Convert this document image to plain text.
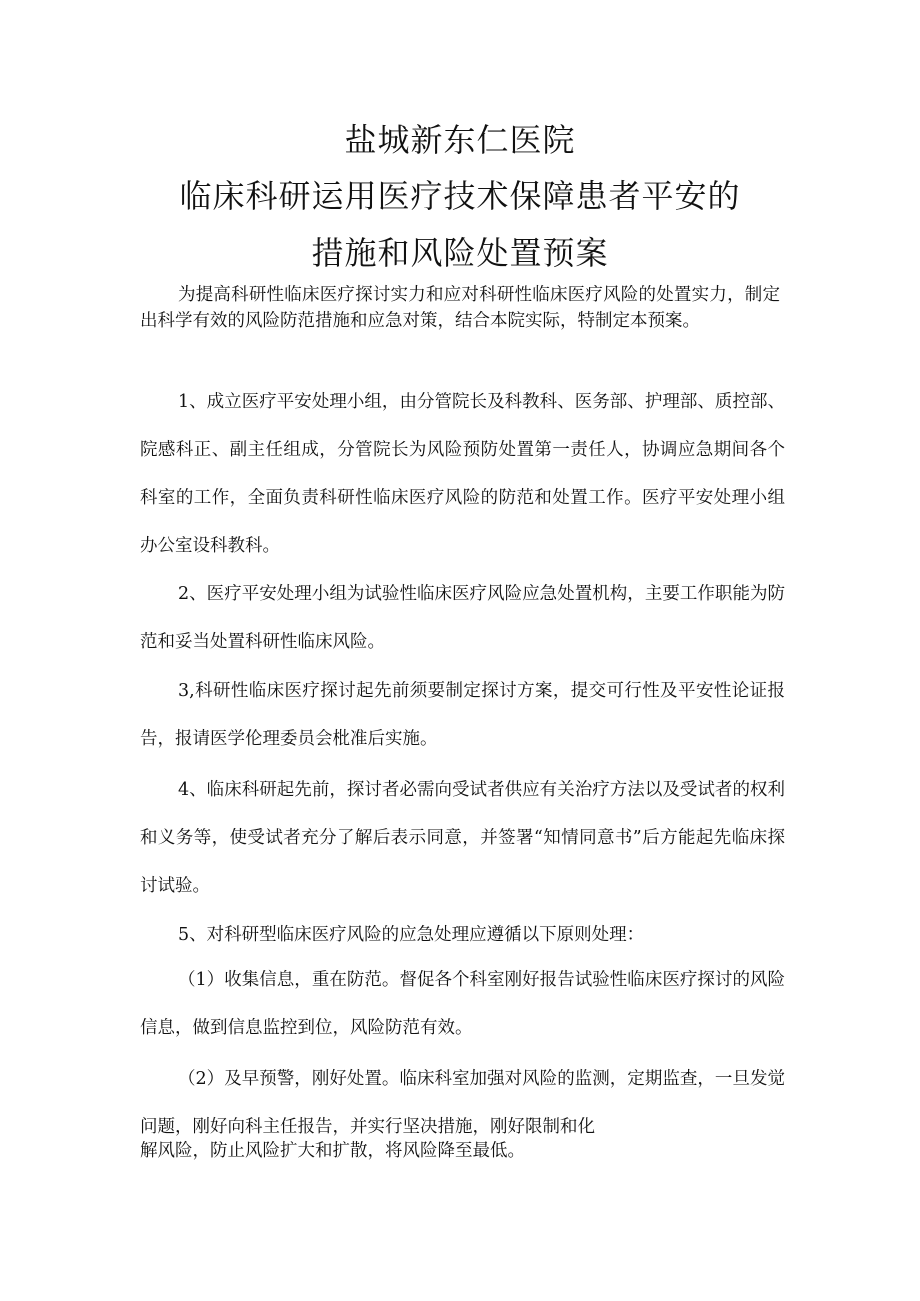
盐城新东仁医院
临床科研运用医疗技术保障患者平安的
措施和风险处置预案

为提高科研性临床医疗探讨实力和应对科研性临床医疗风险的处置实力，制定出科学有效的风险防范措施和应急对策，结合本院实际，特制定本预案。

1、成立医疗平安处理小组，由分管院长及科教科、医务部、护理部、质控部、院感科正、副主任组成，分管院长为风险预防处置第一责任人，协调应急期间各个科室的工作，全面负责科研性临床医疗风险的防范和处置工作。医疗平安处理小组办公室设科教科。

2、医疗平安处理小组为试验性临床医疗风险应急处置机构，主要工作职能为防范和妥当处置科研性临床风险。

3,科研性临床医疗探讨起先前须要制定探讨方案，提交可行性及平安性论证报告，报请医学伦理委员会枇准后实施。

4、临床科研起先前，探讨者必需向受试者供应有关治疗方法以及受试者的权利和义务等，使受试者充分了解后表示同意，并签署“知情同意书”后方能起先临床探讨试验。

5、对科研型临床医疗风险的应急处理应遵循以下原则处理：

（1）收集信息，重在防范。督促各个科室刚好报告试验性临床医疗探讨的风险信息，做到信息监控到位，风险防范有效。

（2）及早预警，刚好处置。临床科室加强对风险的监测，定期监查，一旦发觉问题，刚好向科主任报告，并实行坚决措施，刚好限制和化

解风险，防止风险扩大和扩散，将风险降至最低。
